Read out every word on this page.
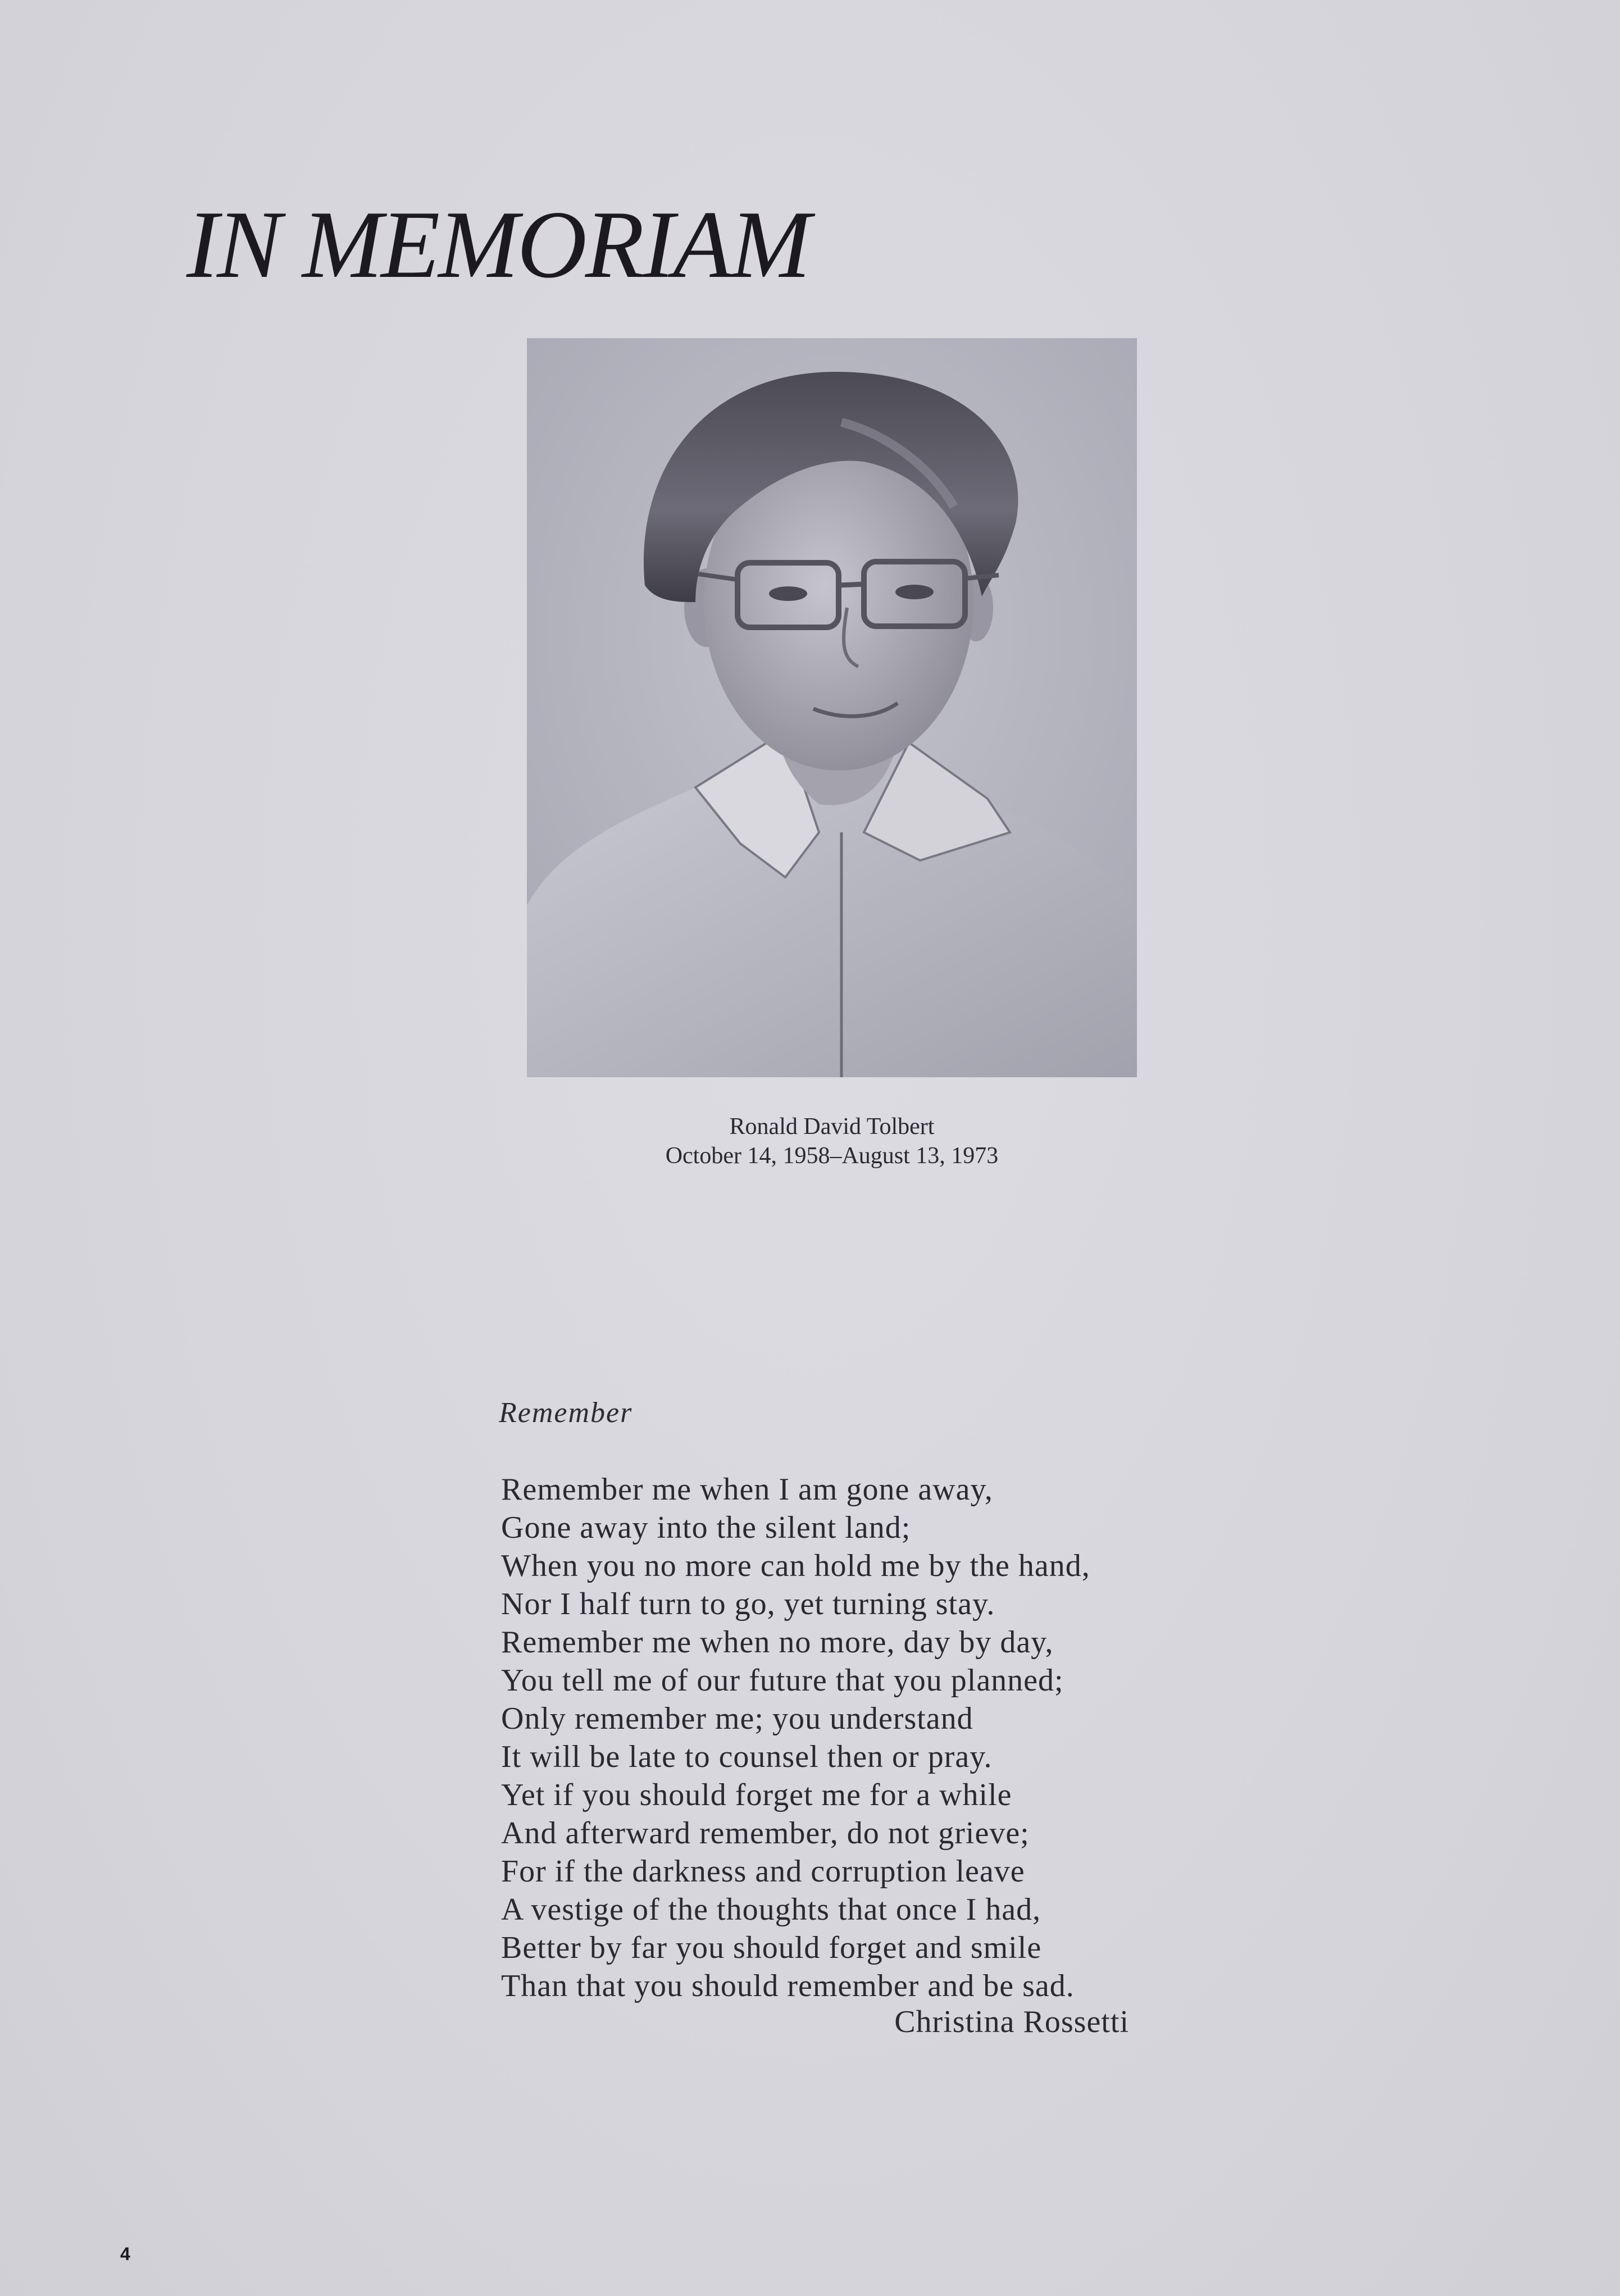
IN MEMORIAM
Ronald David Tolbert
October 14, 1958–August 13, 1973
Remember
Remember me when I am gone away,
Gone away into the silent land;
When you no more can hold me by the hand,
Nor I half turn to go, yet turning stay.
Remember me when no more, day by day,
You tell me of our future that you planned;
Only remember me; you understand
It will be late to counsel then or pray.
Yet if you should forget me for a while
And afterward remember, do not grieve;
For if the darkness and corruption leave
A vestige of the thoughts that once I had,
Better by far you should forget and smile
Than that you should remember and be sad.
Christina Rossetti
4
